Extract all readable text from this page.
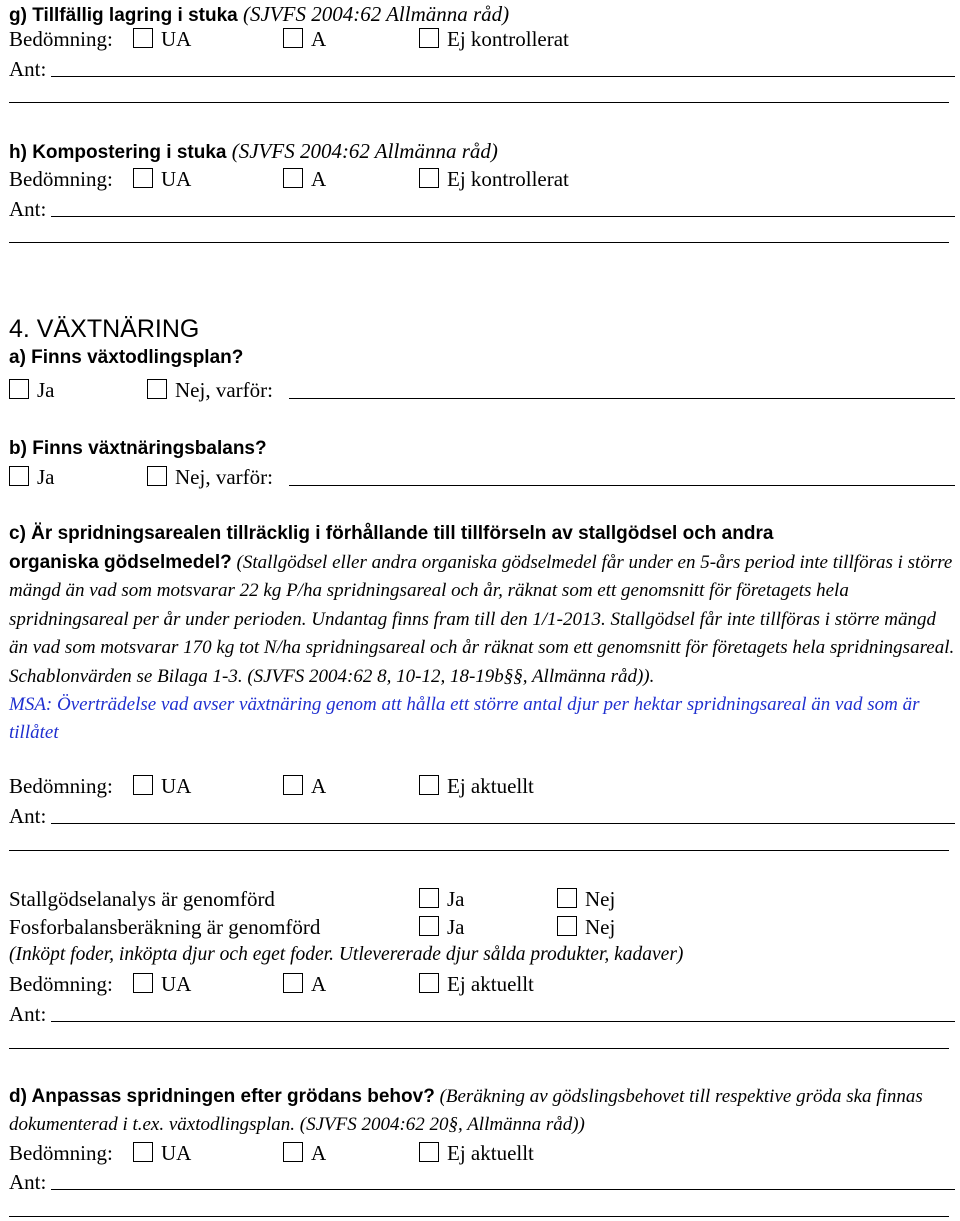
g) Tillfällig lagring i stuka (SJVFS 2004:62 Allmänna råd)
Bedömning:	UA	A	Ej kontrollerat
Ant:
h) Kompostering i stuka (SJVFS 2004:62 Allmänna råd)
Bedömning:	UA	A	Ej kontrollerat
Ant:
4. VÄXTNÄRING
a) Finns växtodlingsplan?
Ja	Nej, varför:
b) Finns växtnäringsbalans?
Ja	Nej, varför:
c) Är spridningsarealen tillräcklig i förhållande till tillförseln av stallgödsel och andra
organiska gödselmedel? (Stallgödsel eller andra organiska gödselmedel får under en 5-års period inte tillföras i större mängd än vad som motsvarar 22 kg P/ha spridningsareal och år, räknat som ett genomsnitt för företagets hela spridningsareal per år under perioden. Undantag finns fram till den 1/1-2013. Stallgödsel får inte tillföras i större mängd än vad som motsvarar 170 kg tot N/ha spridningsareal och år räknat som ett genomsnitt för företagets hela spridningsareal. Schablonvärden se Bilaga 1-3. (SJVFS 2004:62 8, 10-12, 18-19b§§, Allmänna råd)).
MSA: Överträdelse vad avser växtnäring genom att hålla ett större antal djur per hektar spridningsareal än vad som är tillåtet
Bedömning:	UA	A	Ej aktuellt
Ant:
Stallgödselanalys är genomförd	Ja	Nej
Fosforbalansberäkning är genomförd	Ja	Nej
(Inköpt foder, inköpta djur och eget foder. Utlevererade djur sålda produkter, kadaver)
Bedömning:	UA	A	Ej aktuellt
Ant:
d) Anpassas spridningen efter grödans behov? (Beräkning av gödslingsbehovet till respektive gröda ska finnas dokumenterad i t.ex. växtodlingsplan. (SJVFS 2004:62 20§, Allmänna råd))
Bedömning:	UA	A	Ej aktuellt
Ant:
